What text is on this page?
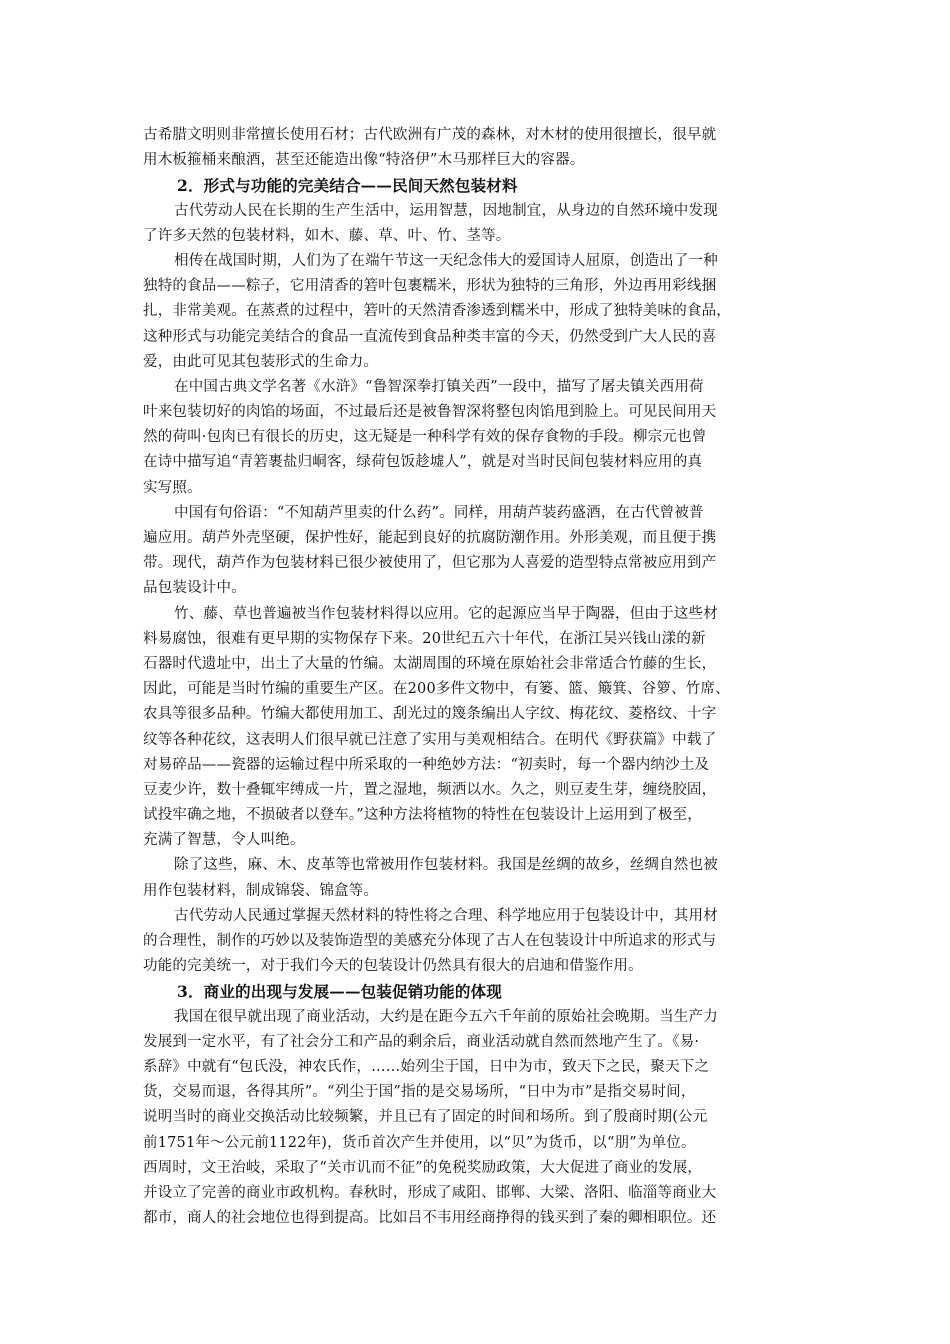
古希腊文明则非常擅长使用石材；古代欧洲有广茂的森林，对木材的使用很擅长，很早就
用木板箍桶来酿酒，甚至还能造出像“特洛伊”木马那样巨大的容器。
2．形式与功能的完美结合——民间天然包装材料
古代劳动人民在长期的生产生活中，运用智慧，因地制宜，从身边的自然环境中发现
了许多天然的包装材料，如木、藤、草、叶、竹、茎等。
相传在战国时期，人们为了在端午节这一天纪念伟大的爱国诗人屈原，创造出了一种
独特的食品——粽子，它用清香的箬叶包裹糯米，形状为独特的三角形，外边再用彩线捆
扎，非常美观。在蒸煮的过程中，箬叶的天然清香渗透到糯米中，形成了独特美味的食品，
这种形式与功能完美结合的食品一直流传到食品种类丰富的今天，仍然受到广大人民的喜
爱，由此可见其包装形式的生命力。
在中国古典文学名著《水浒》“鲁智深拳打镇关西”一段中，描写了屠夫镇关西用荷
叶来包装切好的肉馅的场面，不过最后还是被鲁智深将整包肉馅甩到脸上。可见民间用天
然的荷叫·包肉已有很长的历史，这无疑是一种科学有效的保存食物的手段。柳宗元也曾
在诗中描写追“青箬裹盐归峒客，绿荷包饭趁墟人”，就是对当时民间包装材料应用的真
实写照。
中国有句俗语：“不知葫芦里卖的什么药”。同样，用葫芦装药盛酒，在古代曾被普
遍应用。葫芦外壳坚硬，保护性好，能起到良好的抗腐防潮作用。外形美观，而且便于携
带。现代，葫芦作为包装材料已很少被使用了，但它那为人喜爱的造型特点常被应用到产
品包装设计中。
竹、藤、草也普遍被当作包装材料得以应用。它的起源应当早于陶器，但由于这些材
料易腐蚀，很难有更早期的实物保存下来。20世纪五六十年代，在浙江吴兴钱山漾的新
石器时代遗址中，出土了大量的竹编。太湖周围的环境在原始社会非常适合竹藤的生长，
因此，可能是当时竹编的重要生产区。在200多件文物中，有篓、篮、簸箕、谷箩、竹席、
农具等很多品种。竹编大都使用加工、刮光过的篾条编出人字纹、梅花纹、菱格纹、十字
纹等各种花纹，这表明人们很早就已注意了实用与美观相结合。在明代《野获篇》中载了
对易碎品——瓷器的运输过程中所采取的一种绝妙方法：“初卖时，每一个器内纳沙土及
豆麦少许，数十叠辄牢缚成一片，置之湿地，频洒以水。久之，则豆麦生芽，缠绕胶固，
试投牢确之地，不损破者以登车。”这种方法将植物的特性在包装设计上运用到了极至，
充满了智慧，令人叫绝。
除了这些，麻、木、皮革等也常被用作包装材料。我国是丝绸的故乡，丝绸自然也被
用作包装材料，制成锦袋、锦盒等。
古代劳动人民通过掌握天然材料的特性将之合理、科学地应用于包装设计中，其用材
的合理性，制作的巧妙以及装饰造型的美感充分体现了古人在包装设计中所追求的形式与
功能的完美统一，对于我们今天的包装设计仍然具有很大的启迪和借鉴作用。
3．商业的出现与发展——包装促销功能的体现
我国在很早就出现了商业活动，大约是在距今五六千年前的原始社会晚期。当生产力
发展到一定水平，有了社会分工和产品的剩余后，商业活动就自然而然地产生了。《易·
系辞》中就有“包氏没，神农氏作，……始列尘于国，日中为市，致天下之民，聚天下之
货，交易而退，各得其所”。“列尘于国”指的是交易场所，“日中为市”是指交易时间，
说明当时的商业交换活动比较频繁，并且已有了固定的时间和场所。到了殷商时期(公元
前1751年～公元前1122年)，货币首次产生并使用，以“贝”为货币，以“朋”为单位。
西周时，文王治岐，采取了“关市讥而不征”的免税奖励政策，大大促进了商业的发展，
并设立了完善的商业市政机构。春秋时，形成了咸阳、邯郸、大梁、洛阳、临淄等商业大
都市，商人的社会地位也得到提高。比如吕不韦用经商挣得的钱买到了秦的卿相职位。还
